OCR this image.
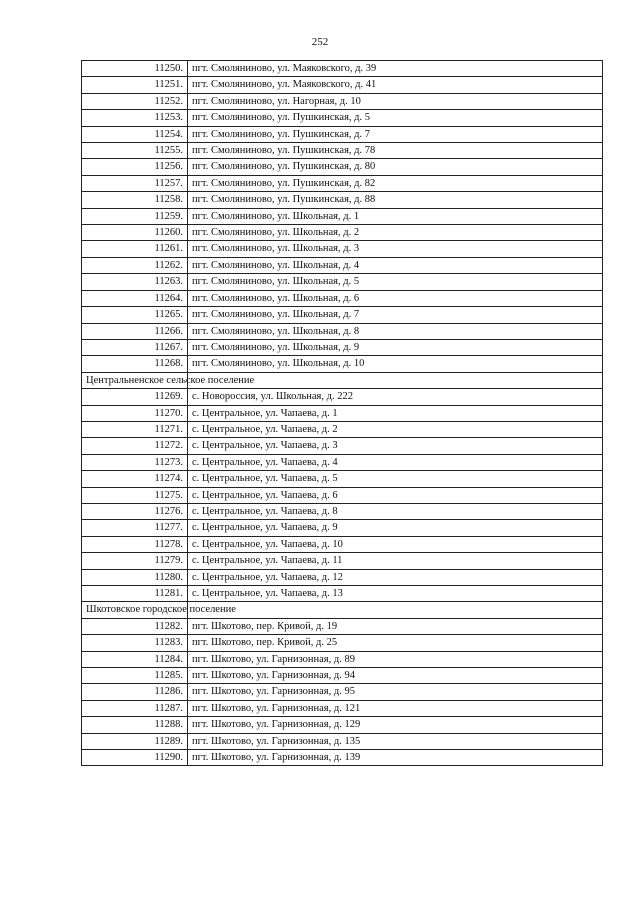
252
11250.	пгт. Смоляниново, ул. Маяковского, д. 39
11251.	пгт. Смоляниново, ул. Маяковского, д. 41
11252.	пгт. Смоляниново, ул. Нагорная, д. 10
11253.	пгт. Смоляниново, ул. Пушкинская, д. 5
11254.	пгт. Смоляниново, ул. Пушкинская, д. 7
11255.	пгт. Смоляниново, ул. Пушкинская, д. 78
11256.	пгт. Смоляниново, ул. Пушкинская, д. 80
11257.	пгт. Смоляниново, ул. Пушкинская, д. 82
11258.	пгт. Смоляниново, ул. Пушкинская, д. 88
11259.	пгт. Смоляниново, ул. Школьная, д. 1
11260.	пгт. Смоляниново, ул. Школьная, д. 2
11261.	пгт. Смоляниново, ул. Школьная, д. 3
11262.	пгт. Смоляниново, ул. Школьная, д. 4
11263.	пгт. Смоляниново, ул. Школьная, д. 5
11264.	пгт. Смоляниново, ул. Школьная, д. 6
11265.	пгт. Смоляниново, ул. Школьная, д. 7
11266.	пгт. Смоляниново, ул. Школьная, д. 8
11267.	пгт. Смоляниново, ул. Школьная, д. 9
11268.	пгт. Смоляниново, ул. Школьная, д. 10
Центральненское сельское поселение	
11269.	с. Новороссия, ул. Школьная, д. 222
11270.	с. Центральное, ул. Чапаева, д. 1
11271.	с. Центральное, ул. Чапаева, д. 2
11272.	с. Центральное, ул. Чапаева, д. 3
11273.	с. Центральное, ул. Чапаева, д. 4
11274.	с. Центральное, ул. Чапаева, д. 5
11275.	с. Центральное, ул. Чапаева, д. 6
11276.	с. Центральное, ул. Чапаева, д. 8
11277.	с. Центральное, ул. Чапаева, д. 9
11278.	с. Центральное, ул. Чапаева, д. 10
11279.	с. Центральное, ул. Чапаева, д. 11
11280.	с. Центральное, ул. Чапаева, д. 12
11281.	с. Центральное, ул. Чапаева, д. 13
Шкотовское городское поселение	
11282.	пгт. Шкотово, пер. Кривой, д. 19
11283.	пгт. Шкотово, пер. Кривой, д. 25
11284.	пгт. Шкотово, ул. Гарнизонная, д. 89
11285.	пгт. Шкотово, ул. Гарнизонная, д. 94
11286.	пгт. Шкотово, ул. Гарнизонная, д. 95
11287.	пгт. Шкотово, ул. Гарнизонная, д. 121
11288.	пгт. Шкотово, ул. Гарнизонная, д. 129
11289.	пгт. Шкотово, ул. Гарнизонная, д. 135
11290.	пгт. Шкотово, ул. Гарнизонная, д. 139
